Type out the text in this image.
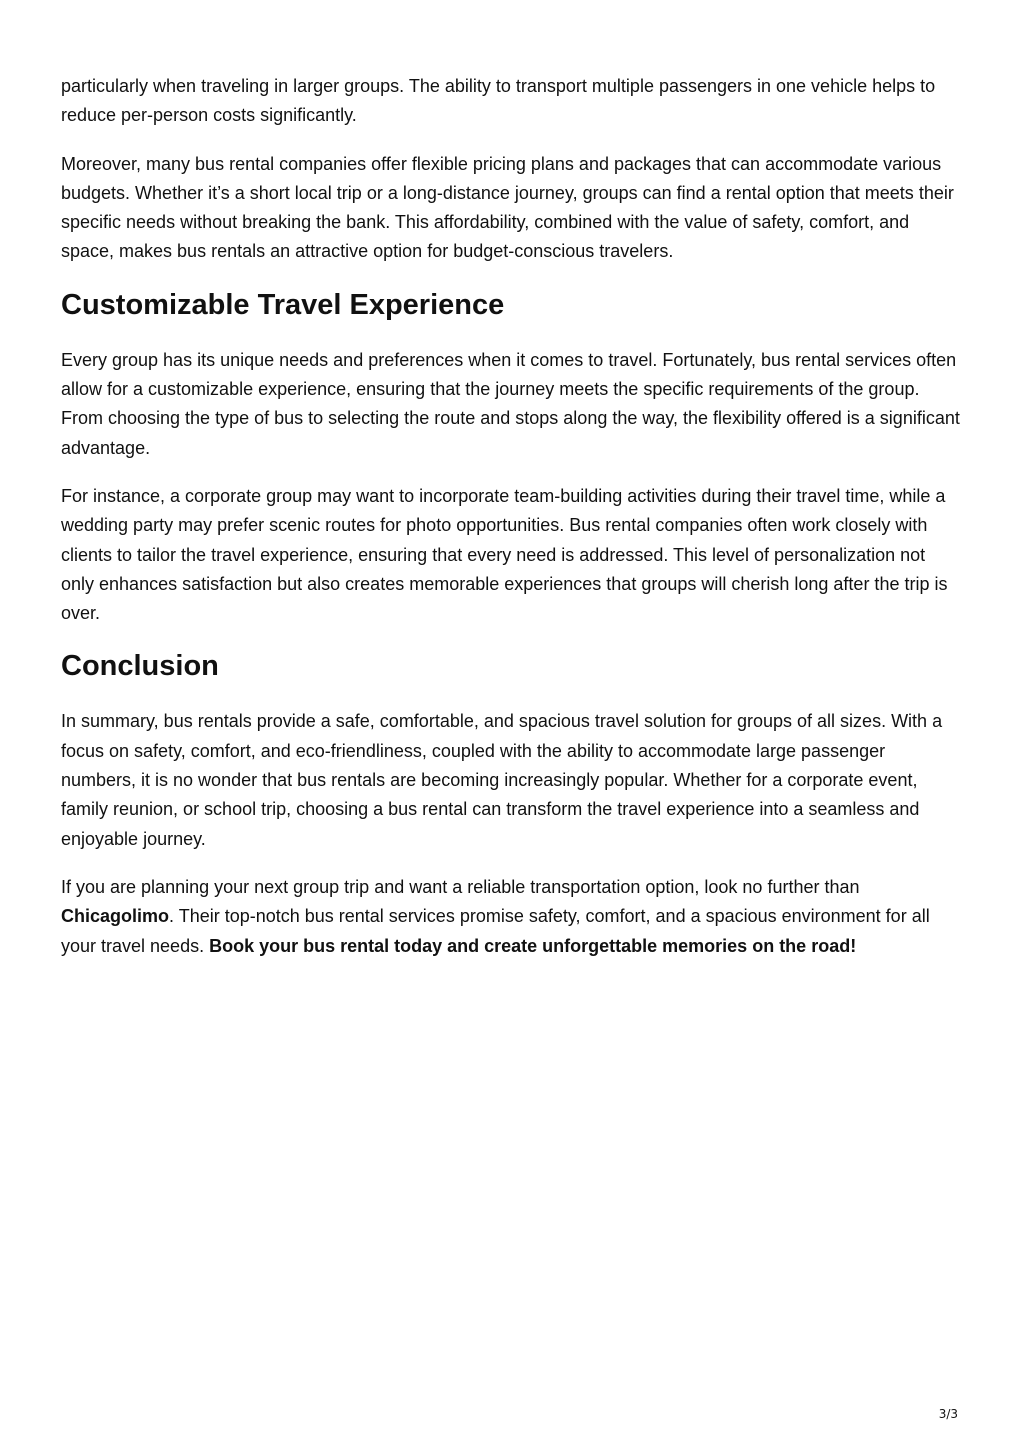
particularly when traveling in larger groups. The ability to transport multiple passengers in one vehicle helps to reduce per-person costs significantly.

Moreover, many bus rental companies offer flexible pricing plans and packages that can accommodate various budgets. Whether it’s a short local trip or a long-distance journey, groups can find a rental option that meets their specific needs without breaking the bank. This affordability, combined with the value of safety, comfort, and space, makes bus rentals an attractive option for budget-conscious travelers.

Customizable Travel Experience

Every group has its unique needs and preferences when it comes to travel. Fortunately, bus rental services often allow for a customizable experience, ensuring that the journey meets the specific requirements of the group. From choosing the type of bus to selecting the route and stops along the way, the flexibility offered is a significant advantage.

For instance, a corporate group may want to incorporate team-building activities during their travel time, while a wedding party may prefer scenic routes for photo opportunities. Bus rental companies often work closely with clients to tailor the travel experience, ensuring that every need is addressed. This level of personalization not only enhances satisfaction but also creates memorable experiences that groups will cherish long after the trip is over.

Conclusion

In summary, bus rentals provide a safe, comfortable, and spacious travel solution for groups of all sizes. With a focus on safety, comfort, and eco-friendliness, coupled with the ability to accommodate large passenger numbers, it is no wonder that bus rentals are becoming increasingly popular. Whether for a corporate event, family reunion, or school trip, choosing a bus rental can transform the travel experience into a seamless and enjoyable journey.

If you are planning your next group trip and want a reliable transportation option, look no further than Chicagolimo. Their top-notch bus rental services promise safety, comfort, and a spacious environment for all your travel needs. Book your bus rental today and create unforgettable memories on the road!

3/3
